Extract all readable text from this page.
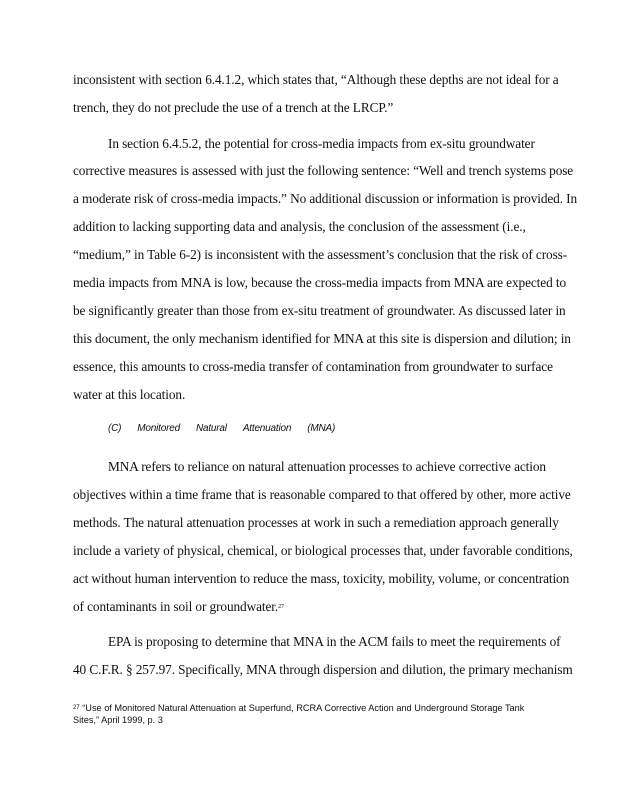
inconsistent with section 6.4.1.2, which states that, “Although these depths are not ideal for a
trench, they do not preclude the use of a trench at the LRCP.”
In section 6.4.5.2, the potential for cross-media impacts from ex-situ groundwater
corrective measures is assessed with just the following sentence: “Well and trench systems pose
a moderate risk of cross-media impacts.” No additional discussion or information is provided. In
addition to lacking supporting data and analysis, the conclusion of the assessment (i.e.,
“medium,” in Table 6-2) is inconsistent with the assessment’s conclusion that the risk of cross-
media impacts from MNA is low, because the cross-media impacts from MNA are expected to
be significantly greater than those from ex-situ treatment of groundwater. As discussed later in
this document, the only mechanism identified for MNA at this site is dispersion and dilution; in
essence, this amounts to cross-media transfer of contamination from groundwater to surface
water at this location.
(C) Monitored Natural Attenuation (MNA)
MNA refers to reliance on natural attenuation processes to achieve corrective action
objectives within a time frame that is reasonable compared to that offered by other, more active
methods. The natural attenuation processes at work in such a remediation approach generally
include a variety of physical, chemical, or biological processes that, under favorable conditions,
act without human intervention to reduce the mass, toxicity, mobility, volume, or concentration
of contaminants in soil or groundwater.$^{27}$
EPA is proposing to determine that MNA in the ACM fails to meet the requirements of
40 C.F.R. § 257.97. Specifically, MNA through dispersion and dilution, the primary mechanism
$^{27}$ “Use of Monitored Natural Attenuation at Superfund, RCRA Corrective Action and Underground Storage Tank
Sites,” April 1999, p. 3
